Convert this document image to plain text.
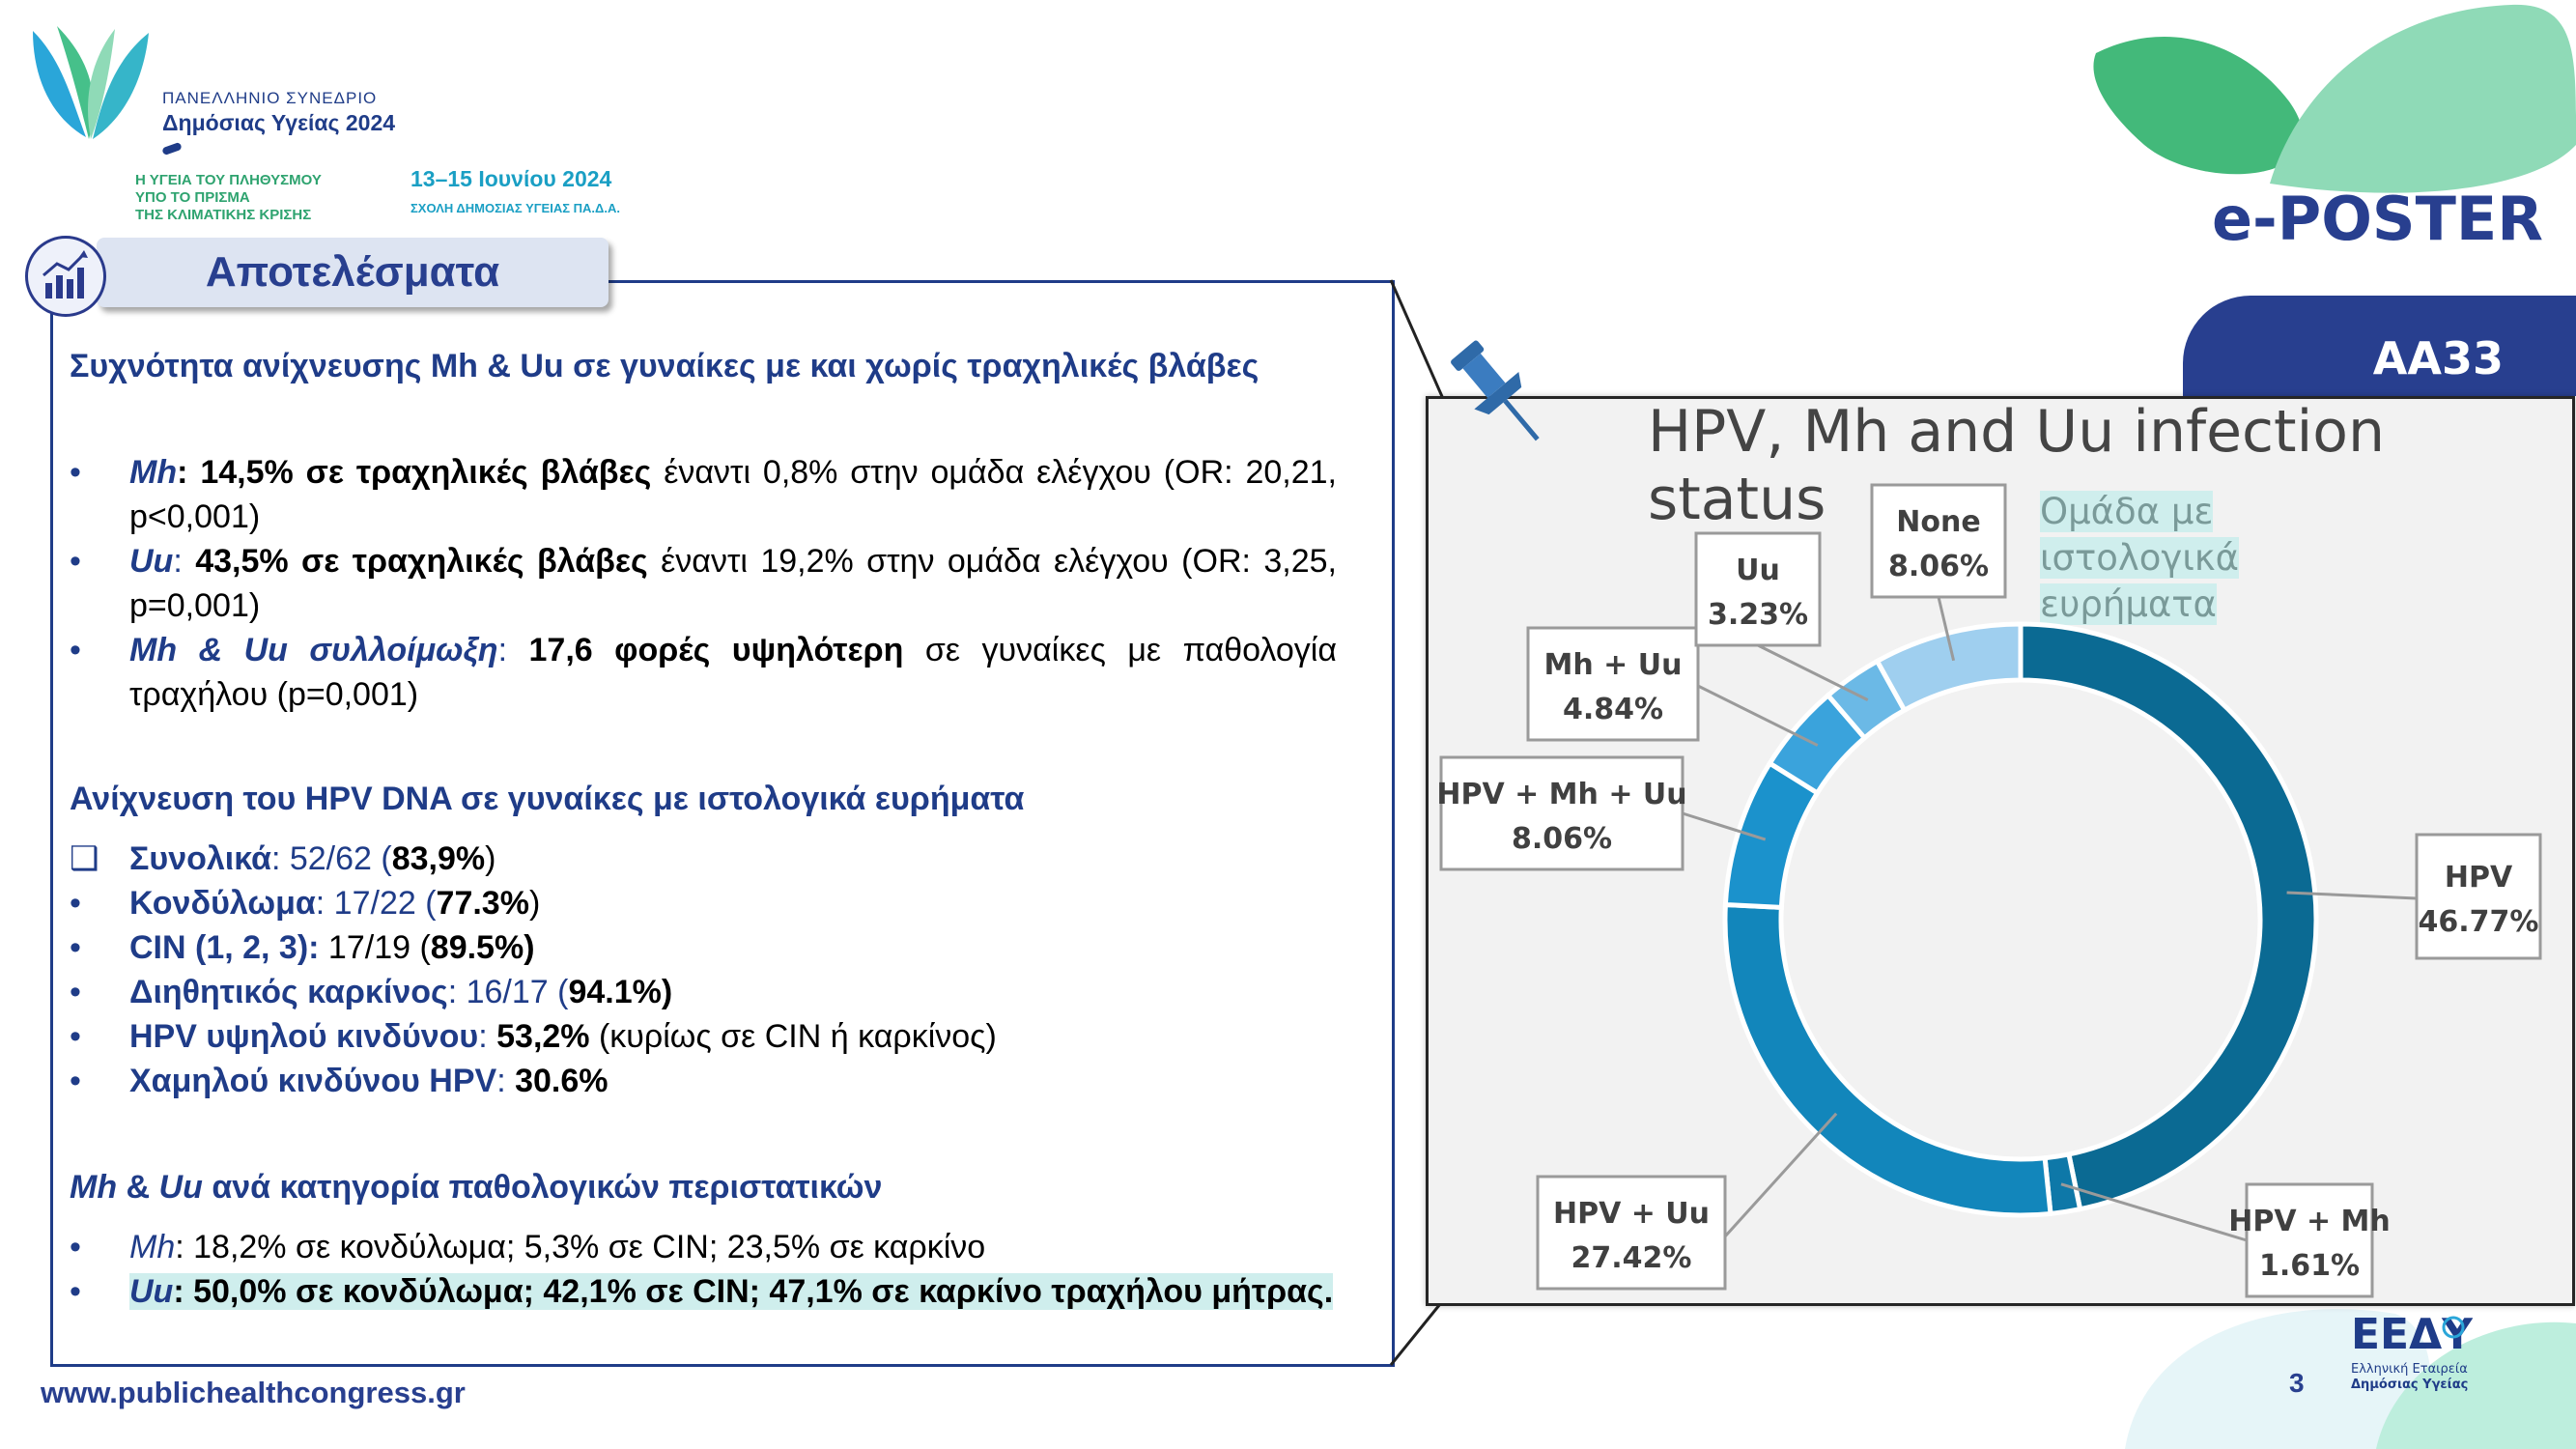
ΠΑΝΕΛΛΗΝΙΟ ΣΥΝΕΔΡΙΟ
Δημόσιας Υγείας 2024
Η ΥΓΕΙΑ ΤΟΥ ΠΛΗΘΥΣΜΟΥ
ΥΠΟ ΤΟ ΠΡΙΣΜΑ
ΤΗΣ ΚΛΙΜΑΤΙΚΗΣ ΚΡΙΣΗΣ
13–15 Ιουνίου 2024
ΣΧΟΛΗ ΔΗΜΟΣΙΑΣ ΥΓΕΙΑΣ ΠΑ.Δ.Α.	e-POSTER
AA33
Αποτελέσματα
Συχνότητα ανίχνευσης Mh & Uu σε γυναίκες με και χωρίς τραχηλικές βλάβες
• Mh: 14,5% σε τραχηλικές βλάβες έναντι 0,8% στην ομάδα ελέγχου (OR: 20,21, p<0,001)
• Uu: 43,5% σε τραχηλικές βλάβες έναντι 19,2% στην ομάδα ελέγχου (OR: 3,25, p=0,001)
• Mh & Uu συλλοίμωξη: 17,6 φορές υψηλότερη σε γυναίκες με παθολογία τραχήλου (p=0,001)
Ανίχνευση του HPV DNA σε γυναίκες με ιστολογικά ευρήματα
❑ Συνολικά: 52/62 (83,9%)
• Κονδύλωμα: 17/22 (77.3%)
• CIN (1, 2, 3): 17/19 (89.5%)
• Διηθητικός καρκίνος: 16/17 (94.1%)
• HPV υψηλού κινδύνου: 53,2% (κυρίως σε CIN ή καρκίνος)
• Χαμηλού κινδύνου HPV: 30.6%
Mh & Uu ανά κατηγορία παθολογικών περιστατικών
• Mh: 18,2% σε κονδύλωμα; 5,3% σε CIN; 23,5% σε καρκίνο
• Uu: 50,0% σε κονδύλωμα; 42,1% σε CIN; 47,1% σε καρκίνο τραχήλου μήτρας.
HPV, Mh and Uu infection status	Ομάδα με ιστολογικά ευρήματα
HPV
46.77%
HPV + Mh
1.61%
HPV + Uu
27.42%
HPV + Mh + Uu
8.06%
Mh + Uu
4.84%
Uu
3.23%
None
8.06%
www.publichealthcongress.gr	3
ΕΕΔΥ
Ελληνική Εταιρεία
Δημόσιας Υγείας
